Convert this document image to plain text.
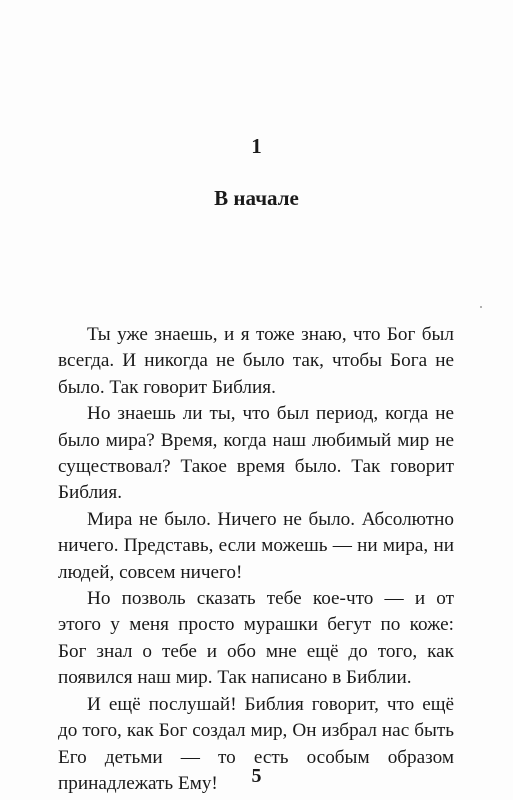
1
В начале

Ты уже знаешь, и я тоже знаю, что Бог был всегда. И никогда не было так, чтобы Бога не было. Так говорит Библия.

Но знаешь ли ты, что был период, когда не было мира? Время, когда наш любимый мир не существовал? Такое время было. Так говорит Библия.

Мира не было. Ничего не было. Абсолютно ничего. Представь, если можешь — ни мира, ни людей, совсем ничего!

Но позволь сказать тебе кое-что — и от этого у меня просто мурашки бегут по коже: Бог знал о тебе и обо мне ещё до того, как появился наш мир. Так написано в Библии.

И ещё послушай! Библия говорит, что ещё до того, как Бог создал мир, Он избрал нас быть Его детьми — то есть особым образом принадлежать Ему!	5
